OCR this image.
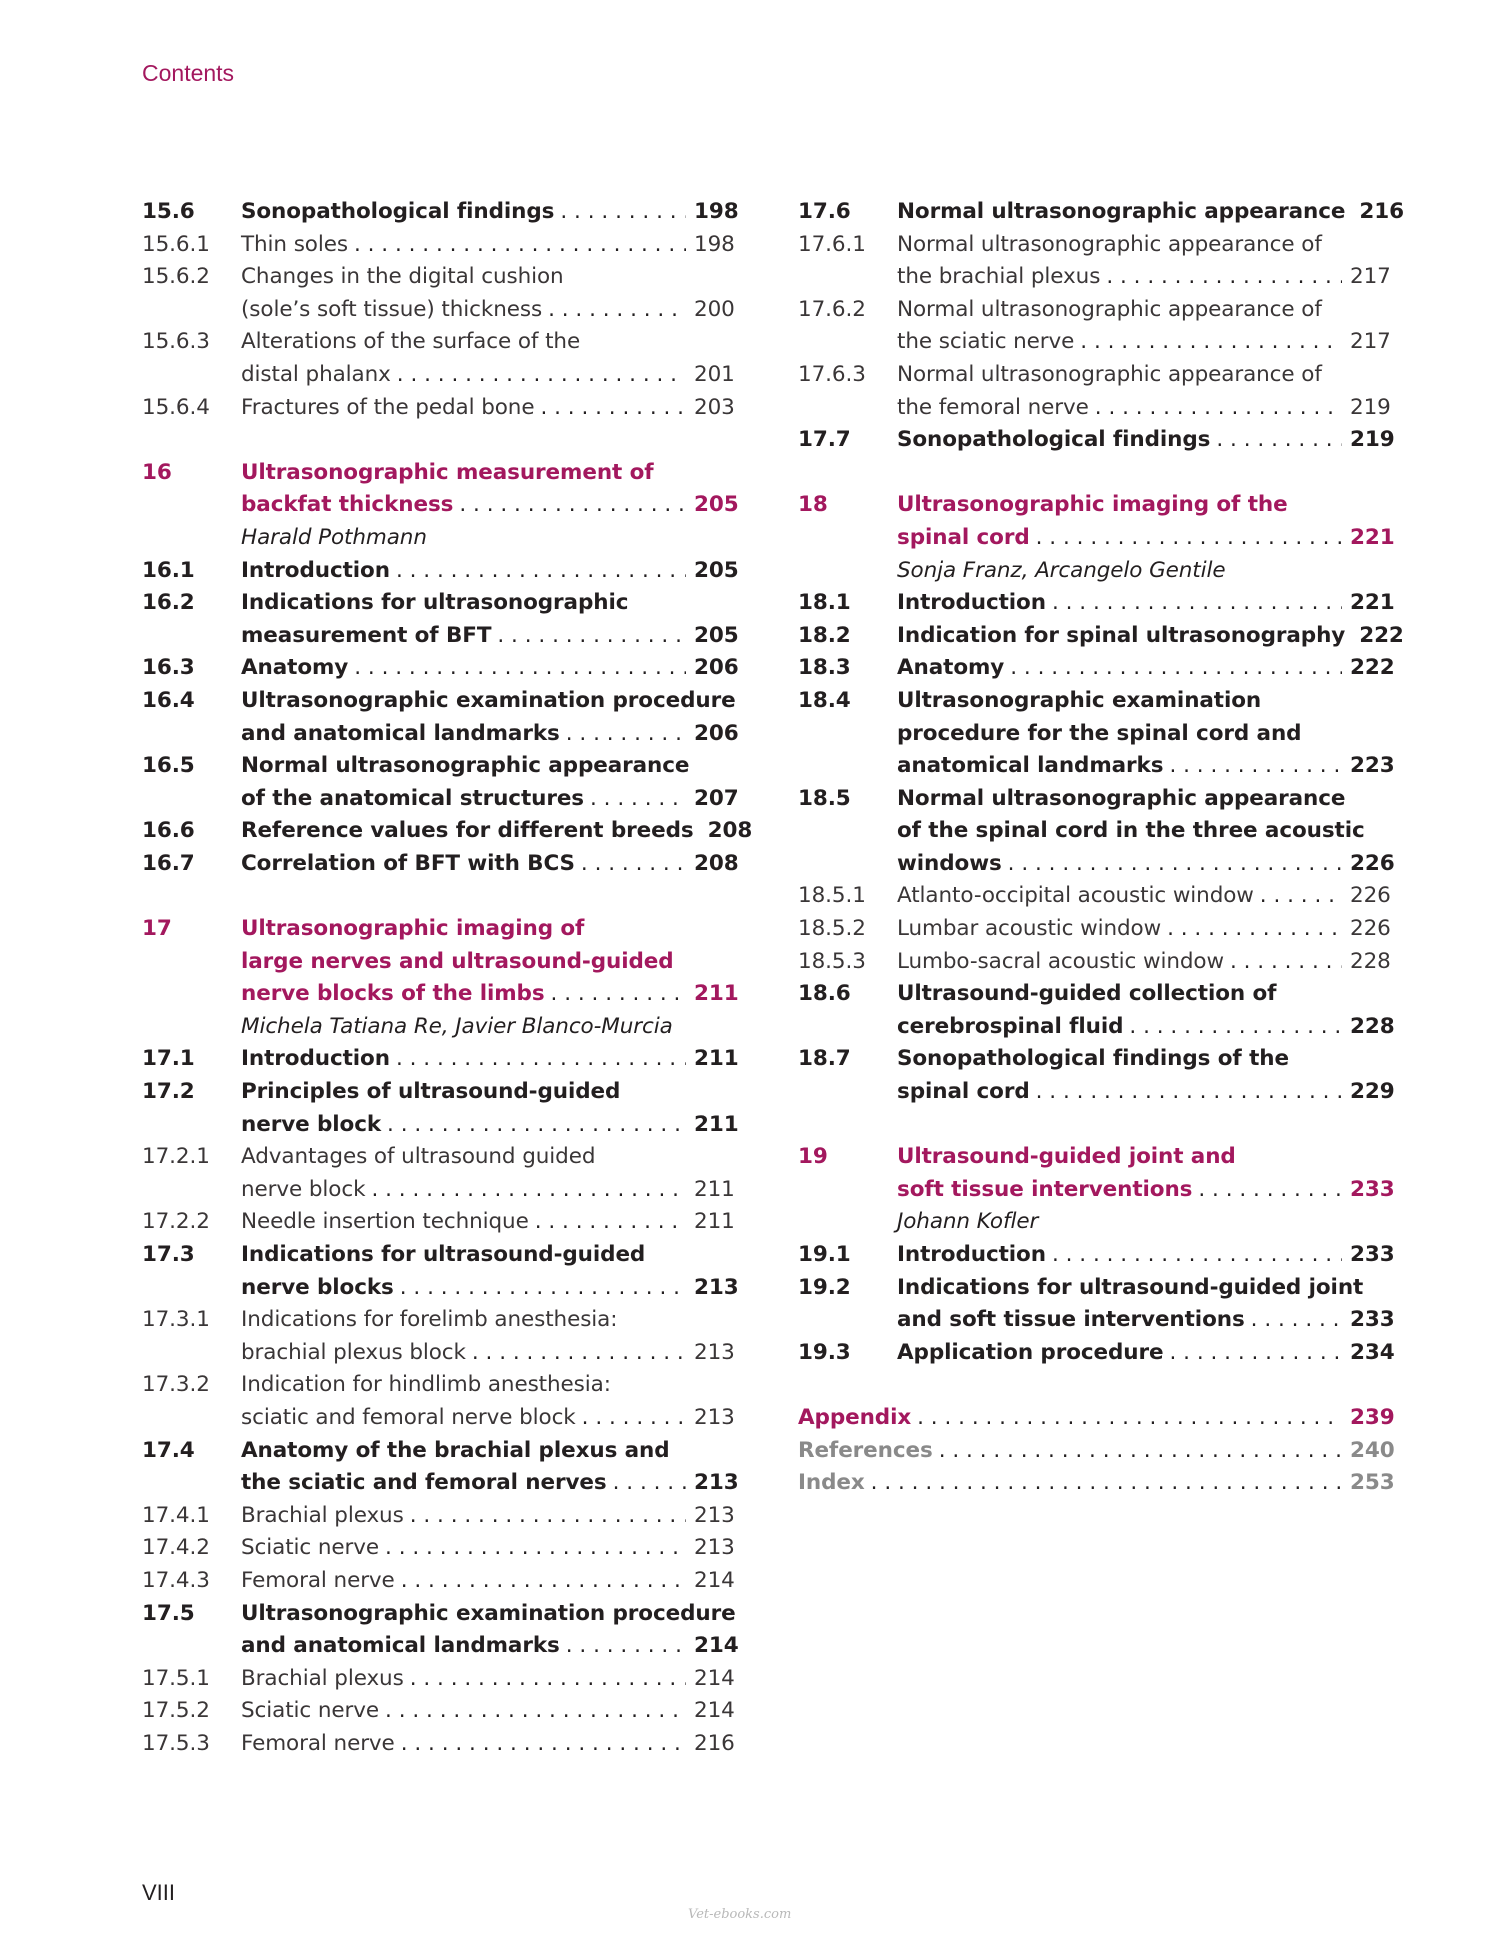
Contents
15.6 Sonopathological findings . . .	198
15.6.1 Thin soles . . .	198
15.6.2 Changes in the digital cushion
(sole’s soft tissue) thickness . . .	200
15.6.3 Alterations of the surface of the
distal phalanx . . .	201
15.6.4 Fractures of the pedal bone . . .	203
16	Ultrasonographic measurement of
backfat thickness . . .	205
Harald Pothmann
16.1 Introduction . . .	205
16.2 Indications for ultrasonographic
measurement of BFT . . .	205
16.3 Anatomy . . .	206
16.4 Ultrasonographic examination procedure
and anatomical landmarks . . .	206
16.5 Normal ultrasonographic appearance
of the anatomical structures . . .	207
16.6 Reference values for different breeds 208
16.7 Correlation of BFT with BCS . . .	208
17	Ultrasonographic imaging of
large nerves and ultrasound-guided
nerve blocks of the limbs . . .	211
Michela Tatiana Re, Javier Blanco-Murcia
17.1 Introduction . . .	211
17.2 Principles of ultrasound-guided
nerve block . . .	211
17.2.1 Advantages of ultrasound guided
nerve block . . .	211
17.2.2 Needle insertion technique . . .	211
17.3 Indications for ultrasound-guided
nerve blocks . . .	213
17.3.1 Indications for forelimb anesthesia:
brachial plexus block . . .	213
17.3.2 Indication for hindlimb anesthesia:
sciatic and femoral nerve block . . .	213
17.4 Anatomy of the brachial plexus and
the sciatic and femoral nerves . . .	213
17.4.1 Brachial plexus . . .	213
17.4.2 Sciatic nerve . . .	213
17.4.3 Femoral nerve . . .	214
17.5 Ultrasonographic examination procedure
and anatomical landmarks . . .	214
17.5.1 Brachial plexus . . .	214
17.5.2 Sciatic nerve . . .	214
17.5.3 Femoral nerve . . .	216
17.6 Normal ultrasonographic appearance 216
17.6.1 Normal ultrasonographic appearance of
the brachial plexus . . .	217
17.6.2 Normal ultrasonographic appearance of
the sciatic nerve . . .	217
17.6.3 Normal ultrasonographic appearance of
the femoral nerve . . .	219
17.7 Sonopathological findings . . .	219
18	Ultrasonographic imaging of the
spinal cord . . .	221
Sonja Franz, Arcangelo Gentile
18.1 Introduction . . .	221
18.2 Indication for spinal ultrasonography 222
18.3 Anatomy . . .	222
18.4 Ultrasonographic examination
procedure for the spinal cord and
anatomical landmarks . . .	223
18.5 Normal ultrasonographic appearance
of the spinal cord in the three acoustic
windows . . .	226
18.5.1 Atlanto-occipital acoustic window . . .	226
18.5.2 Lumbar acoustic window . . .	226
18.5.3 Lumbo-sacral acoustic window . . .	228
18.6 Ultrasound-guided collection of
cerebrospinal fluid . . .	228
18.7 Sonopathological findings of the
spinal cord . . .	229
19	Ultrasound-guided joint and
soft tissue interventions . . .	233
Johann Kofler
19.1 Introduction . . .	233
19.2 Indications for ultrasound-guided joint
and soft tissue interventions . . .	233
19.3 Application procedure . . .	234
Appendix . . .	239
References . . .	240
Index . . .	253
VIII
Vet-ebooks.com
